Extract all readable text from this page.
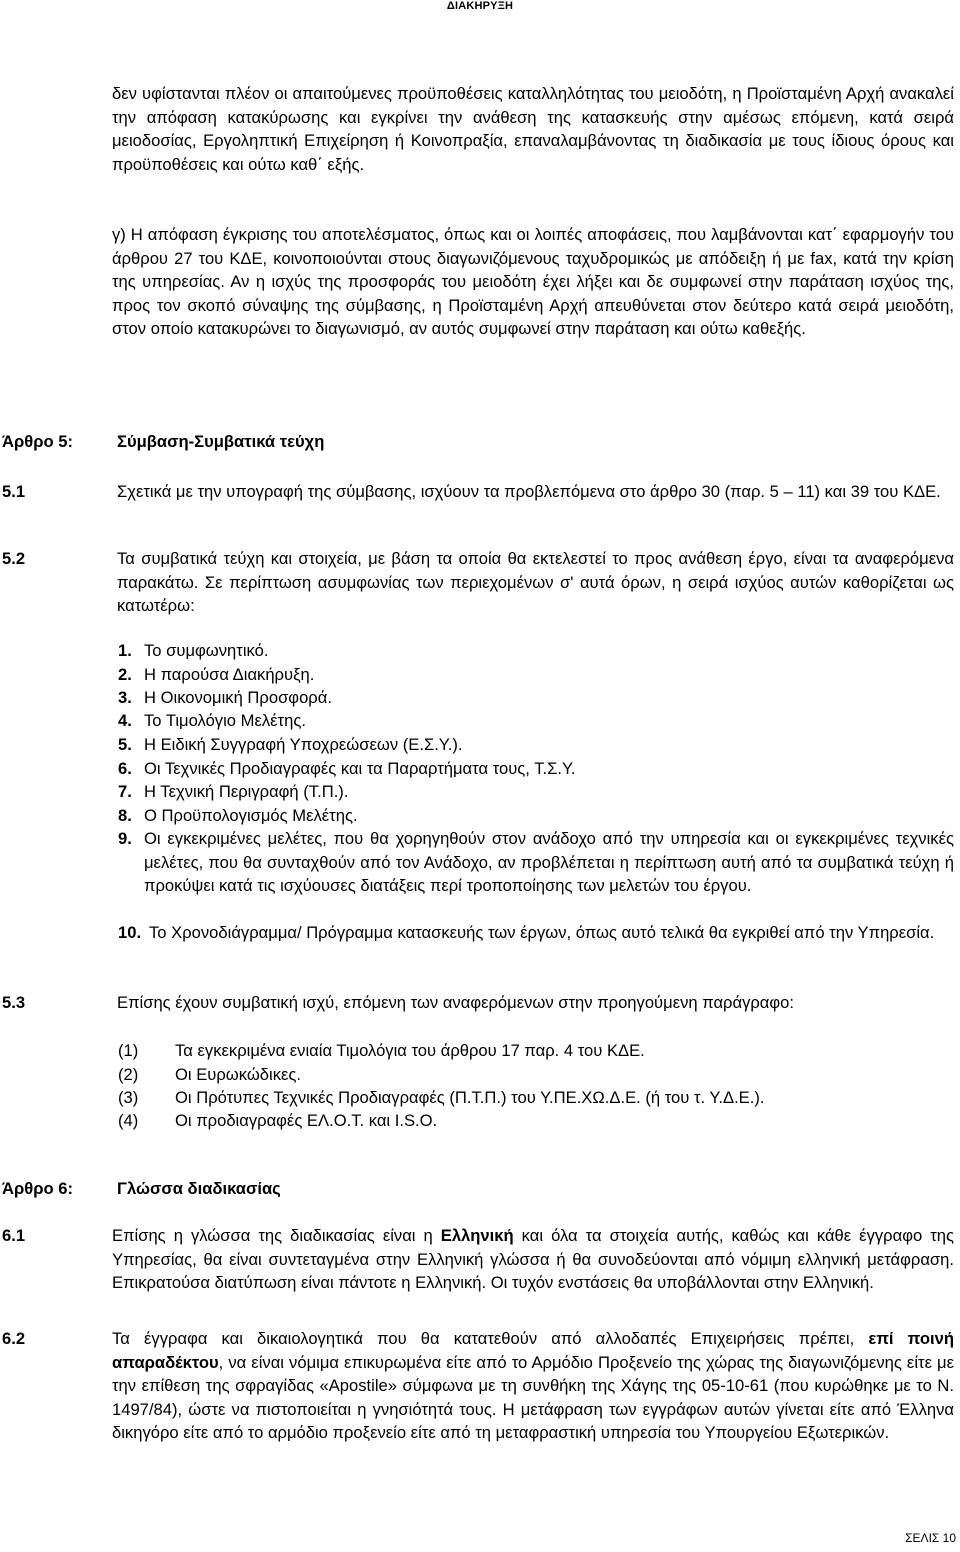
ΔΙΑΚΗΡΥΞΗ
δεν υφίστανται πλέον οι απαιτούμενες προϋποθέσεις καταλληλότητας του μειοδότη, η Προϊσταμένη Αρχή ανακαλεί την απόφαση κατακύρωσης και εγκρίνει την ανάθεση της κατασκευής στην αμέσως επόμενη, κατά σειρά μειοδοσίας, Εργοληπτική Επιχείρηση ή Κοινοπραξία, επαναλαμβάνοντας τη διαδικασία με τους ίδιους όρους και προϋποθέσεις και ούτω καθ΄ εξής.
γ) Η απόφαση έγκρισης του αποτελέσματος, όπως και οι λοιπές αποφάσεις, που λαμβάνονται κατ΄ εφαρμογήν του άρθρου 27 του ΚΔΕ, κοινοποιούνται στους διαγωνιζόμενους ταχυδρομικώς με απόδειξη ή με fax, κατά την κρίση της υπηρεσίας. Αν η ισχύς της προσφοράς του μειοδότη έχει λήξει και δε συμφωνεί στην παράταση ισχύος της, προς τον σκοπό σύναψης της σύμβασης, η Προϊσταμένη Αρχή απευθύνεται στον δεύτερο κατά σειρά μειοδότη, στον οποίο κατακυρώνει το διαγωνισμό, αν αυτός συμφωνεί στην παράταση και ούτω καθεξής.
Άρθρο 5:	Σύμβαση-Συμβατικά τεύχη
5.1	Σχετικά με την υπογραφή της σύμβασης, ισχύουν τα προβλεπόμενα στο άρθρο 30 (παρ. 5 – 11) και 39 του ΚΔΕ.
5.2	Τα συμβατικά τεύχη και στοιχεία, με βάση τα οποία θα εκτελεστεί το προς ανάθεση έργο, είναι τα αναφερόμενα παρακάτω. Σε περίπτωση ασυμφωνίας των περιεχομένων σ' αυτά όρων, η σειρά ισχύος αυτών καθορίζεται ως κατωτέρω:
1. Το συμφωνητικό.
2. Η παρούσα Διακήρυξη.
3. Η Οικονομική Προσφορά.
4. Το Τιμολόγιο Μελέτης.
5. Η Ειδική Συγγραφή Υποχρεώσεων (Ε.Σ.Υ.).
6. Οι Τεχνικές Προδιαγραφές και τα Παραρτήματα τους, Τ.Σ.Υ.
7. Η Τεχνική Περιγραφή (Τ.Π.).
8. Ο Προϋπολογισμός Μελέτης.
9. Οι εγκεκριμένες μελέτες, που θα χορηγηθούν στον ανάδοχο από την υπηρεσία και οι εγκεκριμένες τεχνικές μελέτες, που θα συνταχθούν από τον Ανάδοχο, αν προβλέπεται η περίπτωση αυτή από τα συμβατικά τεύχη ή προκύψει κατά τις ισχύουσες διατάξεις περί τροποποίησης των μελετών του έργου.
10. Το Χρονοδιάγραμμα/ Πρόγραμμα κατασκευής των έργων, όπως αυτό τελικά θα εγκριθεί από την Υπηρεσία.
5.3	Επίσης έχουν συμβατική ισχύ, επόμενη των αναφερόμενων στην προηγούμενη παράγραφο:
(1) Τα εγκεκριμένα ενιαία Τιμολόγια του άρθρου 17 παρ. 4 του ΚΔΕ.
(2) Οι Ευρωκώδικες.
(3) Οι Πρότυπες Τεχνικές Προδιαγραφές (Π.Τ.Π.) του Υ.ΠΕ.ΧΩ.Δ.Ε. (ή του τ. Υ.Δ.Ε.).
(4) Οι προδιαγραφές ΕΛ.Ο.Τ. και I.S.O.
Άρθρο 6:	Γλώσσα διαδικασίας
6.1	Επίσης η γλώσσα της διαδικασίας είναι η Ελληνική και όλα τα στοιχεία αυτής, καθώς και κάθε έγγραφο της Υπηρεσίας, θα είναι συντεταγμένα στην Ελληνική γλώσσα ή θα συνοδεύονται από νόμιμη ελληνική μετάφραση. Επικρατούσα διατύπωση είναι πάντοτε η Ελληνική. Οι τυχόν ενστάσεις θα υποβάλλονται στην Ελληνική.
6.2	Τα έγγραφα και δικαιολογητικά που θα κατατεθούν από αλλοδαπές Επιχειρήσεις πρέπει, επί ποινή απαραδέκτου, να είναι νόμιμα επικυρωμένα είτε από το Αρμόδιο Προξενείο της χώρας της διαγωνιζόμενης είτε με την επίθεση της σφραγίδας «Apostile» σύμφωνα με τη συνθήκη της Χάγης της 05-10-61 (που κυρώθηκε με το Ν. 1497/84), ώστε να πιστοποιείται η γνησιότητά τους. Η μετάφραση των εγγράφων αυτών γίνεται είτε από Έλληνα δικηγόρο είτε από το αρμόδιο προξενείο είτε από τη μεταφραστική υπηρεσία του Υπουργείου Εξωτερικών.
ΣΕΛΙΣ 10
